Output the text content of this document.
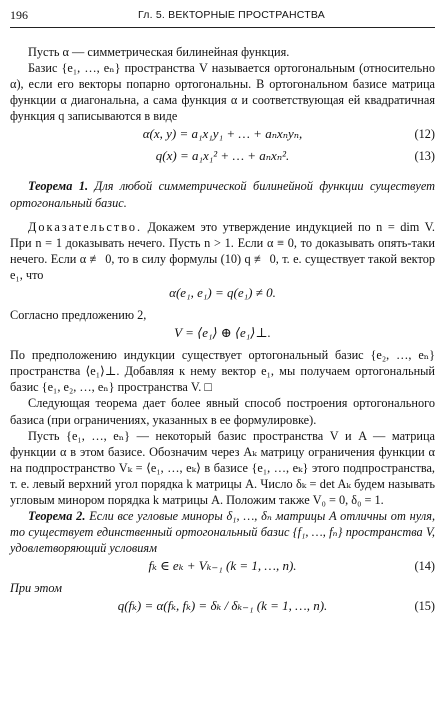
196	Гл. 5. ВЕКТОРНЫЕ ПРОСТРАНСТВА

Пусть α — симметрическая билинейная функция.

Базис {e₁, …, eₙ} пространства V называется ортогональным (относительно α), если его векторы попарно ортогональны. В ортогональном базисе матрица функции α диагональна, а сама функция α и соответствующая ей квадратичная функция q записываются в виде

α(x, y) = a₁x₁y₁ + … + aₙxₙyₙ,	(12)
q(x) = a₁x₁² + … + aₙxₙ².	(13)

Теорема 1. Для любой симметрической билинейной функции существует ортогональный базис.

Доказательство. Докажем это утверждение индукцией по n = dim V. При n = 1 доказывать нечего. Пусть n > 1. Если α ≡ 0, то доказывать опять-таки нечего. Если α ≢ 0, то в силу формулы (10) q ≢ 0, т. е. существует такой вектор e₁, что

α(e₁, e₁) = q(e₁) ≠ 0.

Согласно предложению 2,

V = ⟨e₁⟩ ⊕ ⟨e₁⟩⊥.

По предположению индукции существует ортогональный базис {e₂, …, eₙ} пространства ⟨e₁⟩⊥. Добавляя к нему вектор e₁, мы получаем ортогональный базис {e₁, e₂, …, eₙ} пространства V. □

Следующая теорема дает более явный способ построения ортогонального базиса (при ограничениях, указанных в ее формулировке).

Пусть {e₁, …, eₙ} — некоторый базис пространства V и A — матрица функции α в этом базисе. Обозначим через Aₖ матрицу ограничения функции α на подпространство Vₖ = ⟨e₁, …, eₖ⟩ в базисе {e₁, …, eₖ} этого подпространства, т. е. левый верхний угол порядка k матрицы A. Число δₖ = det Aₖ будем называть угловым минором порядка k матрицы A. Положим также V₀ = 0, δ₀ = 1.

Теорема 2. Если все угловые миноры δ₁, …, δₙ матрицы A отличны от нуля, то существует единственный ортогональный базис {f₁, …, fₙ} пространства V, удовлетворяющий условиям

fₖ ∈ eₖ + Vₖ₋₁ (k = 1, …, n).	(14)

При этом

q(fₖ) = α(fₖ, fₖ) = δₖ / δₖ₋₁ (k = 1, …, n).	(15)
